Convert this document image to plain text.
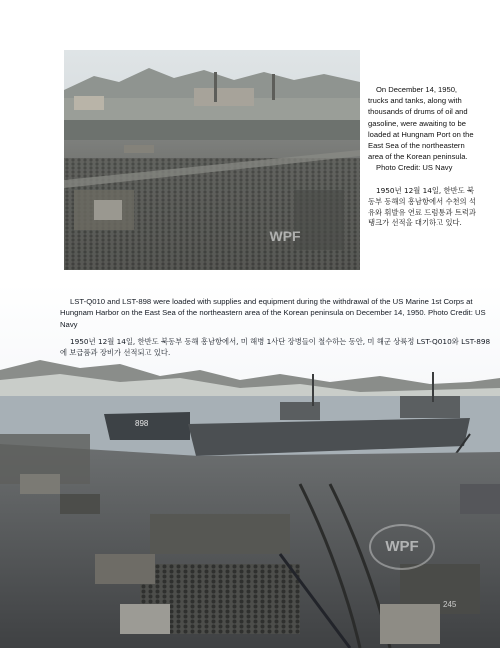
WPF

On December 14, 1950, trucks and tanks, along with thousands of drums of oil and gasoline, were awaiting to be loaded at Hungnam Port on the East Sea of the northeastern area of the Korean peninsula.
Photo Credit: US Navy

1950년 12월 14일, 한반도 북동부 동해의 흥남항에서 수천의 석유와 휘발유 연료 드럼통과 트럭과 탱크가 선적을 대기하고 있다.

898

LST-Q010 and LST-898 were loaded with supplies and equipment during the withdrawal of the US Marine 1st Corps at Hungnam Harbor on the East Sea of the northeastern area of the Korean peninsula on December 14, 1950. Photo Credit: US Navy

1950년 12월 14일, 한반도 북동부 동해 흥남항에서, 미 해병 1사단 장병들이 철수하는 동안, 미 해군 상륙정 LST-Q010와 LST-898에 보급품과 장비가 선적되고 있다.

WPF
245
